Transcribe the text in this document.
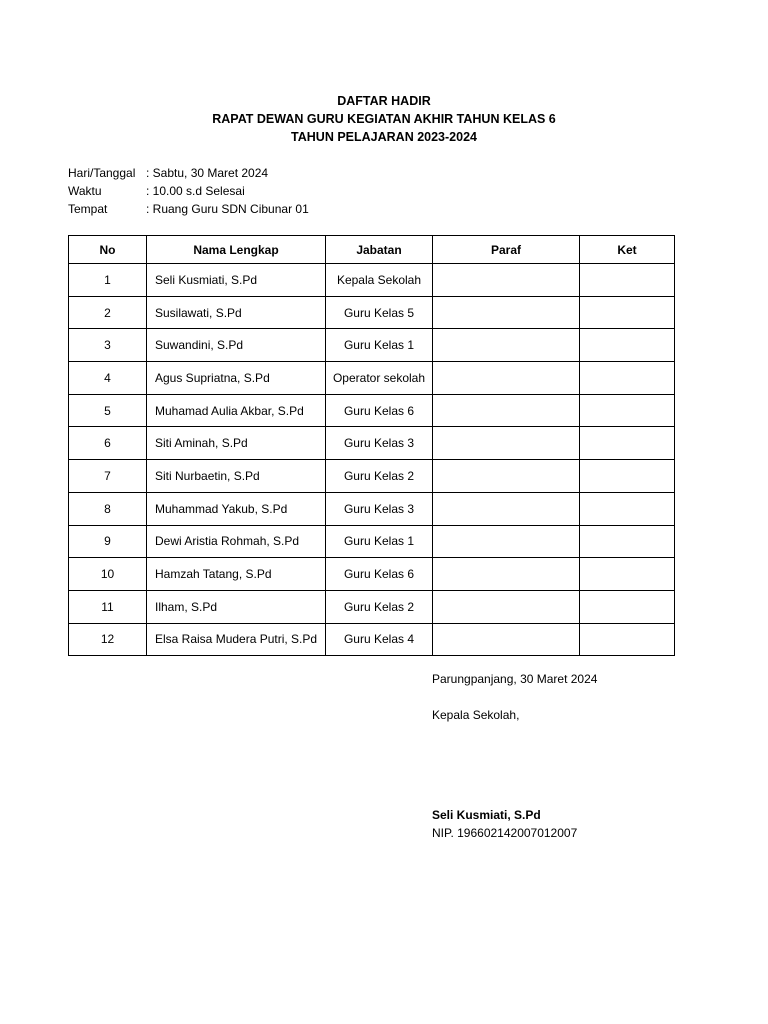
DAFTAR HADIR
RAPAT DEWAN GURU KEGIATAN AKHIR TAHUN KELAS 6
TAHUN PELAJARAN 2023-2024
Hari/Tanggal : Sabtu, 30 Maret 2024
Waktu	: 10.00 s.d Selesai
Tempat	: Ruang Guru SDN Cibunar 01
No	Nama Lengkap	Jabatan	Paraf	Ket
1	Seli Kusmiati, S.Pd	Kepala Sekolah		
2	Susilawati, S.Pd	Guru Kelas 5		
3	Suwandini, S.Pd	Guru Kelas 1		
4	Agus Supriatna, S.Pd	Operator sekolah		
5	Muhamad Aulia Akbar, S.Pd	Guru Kelas 6		
6	Siti Aminah, S.Pd	Guru Kelas 3		
7	Siti Nurbaetin, S.Pd	Guru Kelas 2		
8	Muhammad Yakub, S.Pd	Guru Kelas 3		
9	Dewi Aristia Rohmah, S.Pd	Guru Kelas 1		
10	Hamzah Tatang, S.Pd	Guru Kelas 6		
11	Ilham, S.Pd	Guru Kelas 2		
12	Elsa Raisa Mudera Putri, S.Pd	Guru Kelas 4		
Parungpanjang, 30 Maret 2024
Kepala Sekolah,
Seli Kusmiati, S.Pd
NIP. 196602142007012007
